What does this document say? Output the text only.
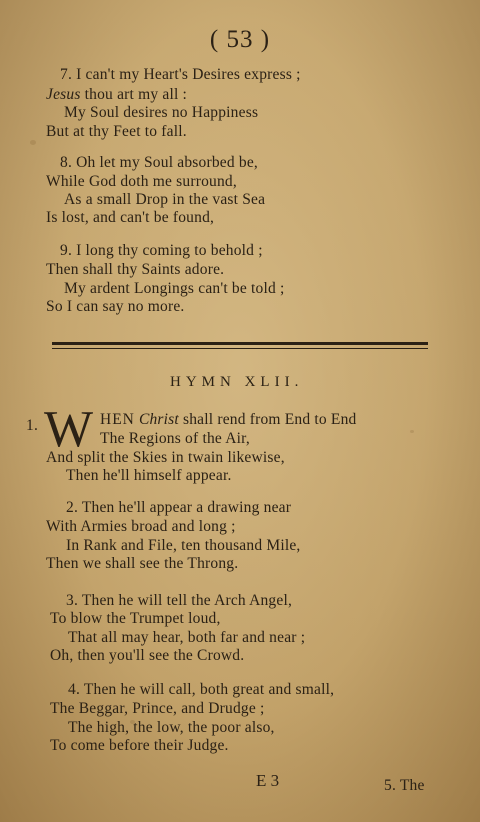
( 53 )
7. I can't my Heart's Desires express ;
Jesus thou art my all :
My Soul desires no Happiness
But at thy Feet to fall.
8. Oh let my Soul absorbed be,
While God doth me surround,
As a small Drop in the vast Sea
Is lost, and can't be found,
9. I long thy coming to behold ;
Then shall thy Saints adore.
My ardent Longings can't be told ;
So I can say no more.
HYMN XLII.
1. W HEN Christ shall rend from End to End
The Regions of the Air,
And split the Skies in twain likewise,
Then he'll himself appear.
2. Then he'll appear a drawing near
With Armies broad and long ;
In Rank and File, ten thousand Mile,
Then we shall see the Throng.
3. Then he will tell the Arch Angel,
To blow the Trumpet loud,
That all may hear, both far and near ;
Oh, then you'll see the Crowd.
4. Then he will call, both great and small,
The Beggar, Prince, and Drudge ;
The high, the low, the poor also,
To come before their Judge.
E 3	5. The
